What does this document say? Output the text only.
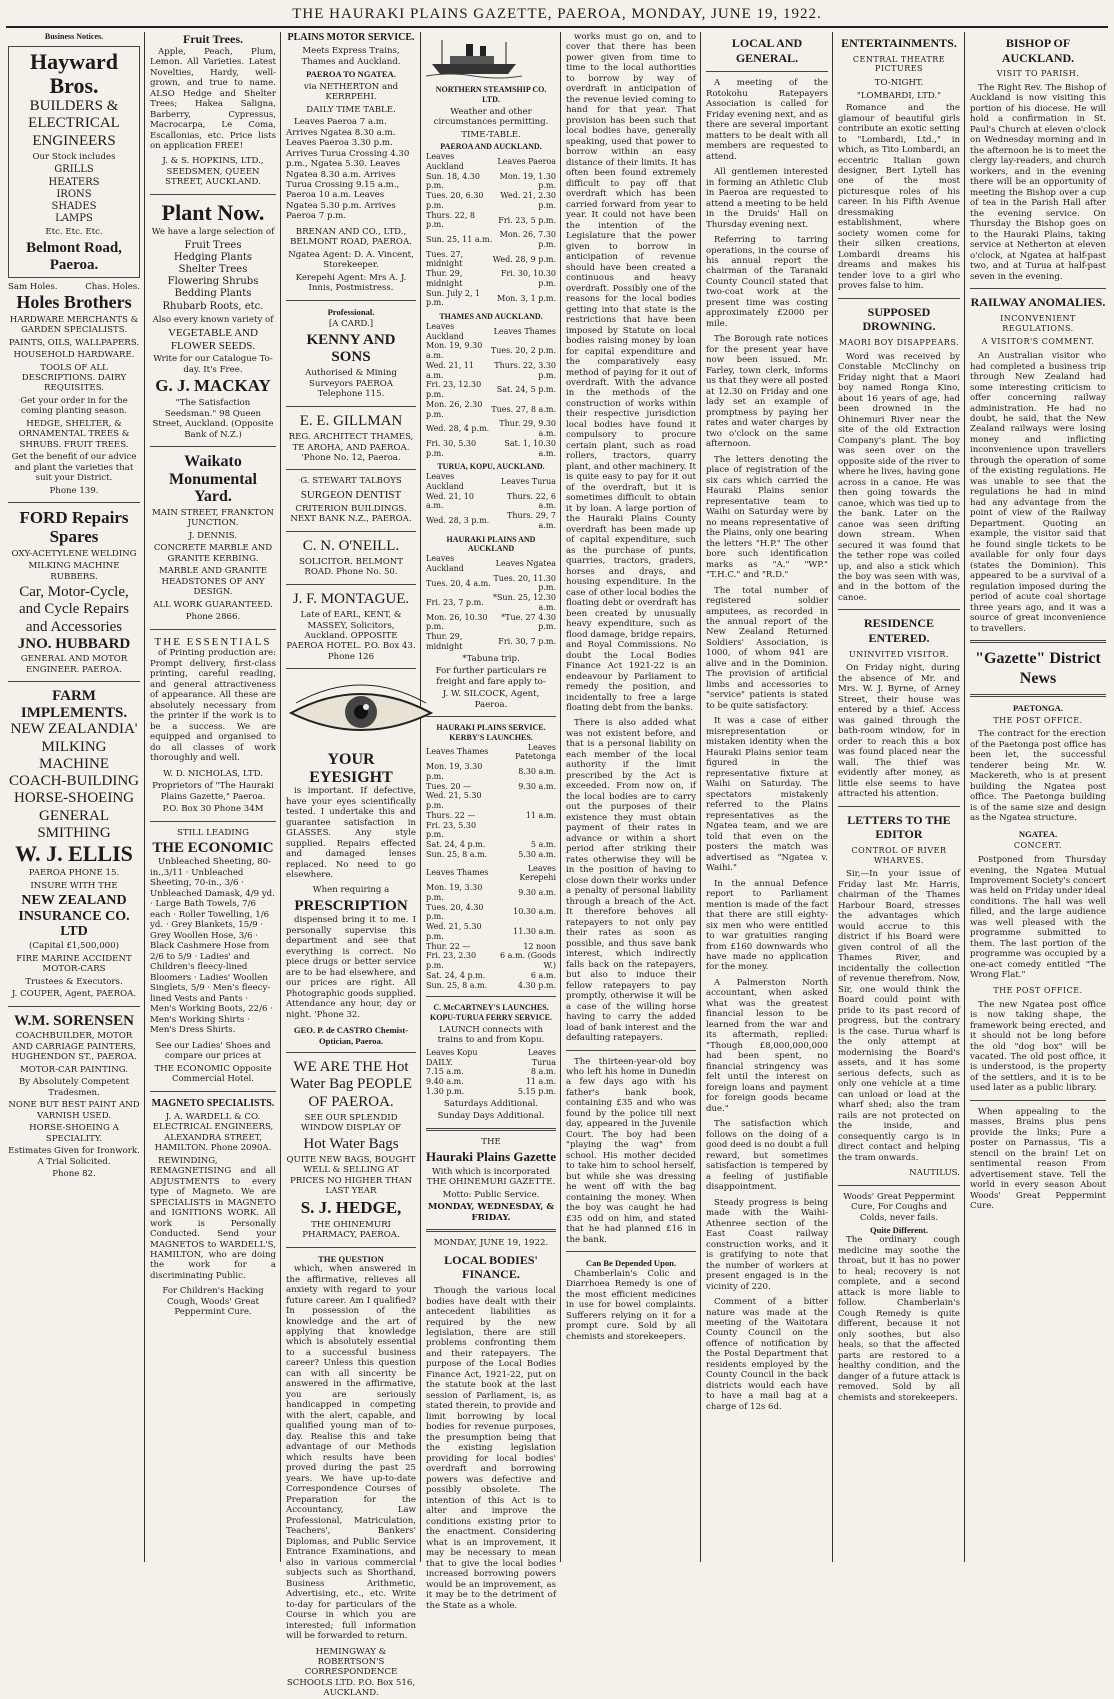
THE HAURAKI PLAINS GAZETTE, PAEROA, MONDAY, JUNE 19, 1922.
Business Notices.
Hayward Bros.
BUILDERS & ELECTRICAL ENGINEERS
Our Stock includes
GRILLS
HEATERS
IRONS
SHADES
LAMPS
Etc. Etc. Etc.
Belmont Road, Paeroa.
Sam Holes.	Chas. Holes.
Holes Brothers
HARDWARE MERCHANTS & GARDEN SPECIALISTS.
PAINTS, OILS, WALLPAPERS.
HOUSEHOLD HARDWARE.
TOOLS OF ALL DESCRIPTIONS. DAIRY REQUISITES.
Get your order in for the coming planting season.
HEDGE, SHELTER, & ORNAMENTAL TREES & SHRUBS. FRUIT TREES.
Get the benefit of our advice and plant the varieties that suit your District.
Phone 139.
FORD Repairs Spares
OXY-ACETYLENE WELDING
MILKING MACHINE RUBBERS.
Car, Motor-Cycle, and Cycle Repairs and Accessories
JNO. HUBBARD
GENERAL AND MOTOR ENGINEER. PAEROA.
FARM IMPLEMENTS.
NEW ZEALANDIA' MILKING MACHINE
COACH-BUILDING HORSE-SHOEING GENERAL SMITHING
W. J. ELLIS
PAEROA PHONE 15.
INSURE WITH THE
NEW ZEALAND INSURANCE CO. LTD
(Capital £1,500,000)
FIRE MARINE ACCIDENT MOTOR-CARS
Trustees & Executors.
J. COUPER, Agent, PAEROA.
W.M. SORENSEN
COACHBUILDER, MOTOR AND CARRIAGE PAINTERS, HUGHENDON ST., PAEROA.
MOTOR-CAR PAINTING.
By Absolutely Competent Tradesmen.
NONE BUT BEST PAINT AND VARNISH USED.
HORSE-SHOEING A SPECIALITY.
Estimates Given for Ironwork. A Trial Solicited.
Phone 82.
Fruit Trees.

Apple, Peach, Plum, Lemon. All Varieties. Latest Novelties, Hardy, well-grown, and true to name. ALSO Hedge and Shelter Trees; Hakea Saligna, Barberry, Cypressus, Macrocarpa, Le Coma, Escallonias, etc. Price lists on application FREE!

J. & S. HOPKINS, LTD., SEEDSMEN, QUEEN STREET, AUCKLAND.
Plant Now.
We have a large selection of
Fruit Trees
Hedging Plants
Shelter Trees
Flowering Shrubs
Bedding Plants
Rhubarb Roots, etc.
Also every known variety of
VEGETABLE AND FLOWER SEEDS.
Write for our Catalogue To-day. It's Free.
G. J. MACKAY
"The Satisfaction Seedsman." 98 Queen Street, Auckland. (Opposite Bank of N.Z.)
Waikato Monumental Yard.
MAIN STREET, FRANKTON JUNCTION.
J. DENNIS.
CONCRETE MARBLE AND GRANITE KERBING.
MARBLE AND GRANITE HEADSTONES OF ANY DESIGN.
ALL WORK GUARANTEED.
Phone 2866.
THE ESSENTIALS

of Printing production are: Prompt delivery, first-class printing, careful reading, and general attractiveness of appearance. All these are absolutely necessary from the printer if the work is to be a success. We are equipped and organised to do all classes of work thoroughly and well.

W. D. NICHOLAS, LTD.
Proprietors of "The Hauraki Plains Gazette," Paeroa.
P.O. Box 30 Phone 34M
STILL LEADING
THE ECONOMIC

Unbleached Sheeting, 80-in.,3/11 · Unbleached Sheeting, 70-in., 3/6 · Unbleached Damask, 4/9 yd. · Large Bath Towels, 7/6 each · Roller Towelling, 1/6 yd. · Grey Blankets, 15/9 · Grey Woollen Hose, 3/6 · Black Cashmere Hose from 2/6 to 5/9 · Ladies' and Children's fleecy-lined Bloomers · Ladies' Woollen Singlets, 5/9 · Men's fleecy-lined Vests and Pants · Men's Working Boots, 22/6 · Men's Working Shirts · Men's Dress Shirts.

See our Ladies' Shoes and compare our prices at
THE ECONOMIC Opposite Commercial Hotel.
MAGNETO SPECIALISTS.
J. A. WARDELL & CO. ELECTRICAL ENGINEERS, ALEXANDRA STREET, HAMILTON. Phone 2090A.

REWINDING, REMAGNETISING and all ADJUSTMENTS to every type of Magneto. We are SPECIALISTS in MAGNETO and IGNITIONS WORK. All work is Personally Conducted. Send your MAGNETOS to WARDELL'S, HAMILTON, who are doing the work for a discriminating Public.

For Children's Hacking Cough, Woods' Great Peppermint Cure.
PLAINS MOTOR SERVICE.
Meets Express Trains, Thames and Auckland.
PAEROA TO NGATEA.
via NETHERTON and KERRPEHI.
DAILY TIME TABLE.

Leaves Paeroa 7 a.m. Arrives Ngatea 8.30 a.m. Leaves Paeroa 3.30 p.m. Arrives Turua Crossing 4.30 p.m., Ngatea 5.30. Leaves Ngatea 8.30 a.m. Arrives Turua Crossing 9.15 a.m., Paeroa 10 a.m. Leaves Ngatea 5.30 p.m. Arrives Paeroa 7 p.m.

BRENAN AND CO., LTD., BELMONT ROAD, PAEROA.
Ngatea Agent: D. A. Vincent, Storekeeper.
Kerepehi Agent: Mrs A. J. Innis, Postmistress.
Professional.
[A CARD.]
KENNY AND SONS
Authorised & Mining Surveyors PAEROA Telephone 115.
E. E. GILLMAN
REG. ARCHITECT THAMES, TE AROHA, AND PAEROA. 'Phone No. 12, Paeroa.
G. STEWART TALBOYS
SURGEON DENTIST
CRITERION BUILDINGS. NEXT BANK N.Z., PAEROA.
C. N. O'NEILL.
SOLICITOR. BELMONT ROAD. Phone No. 50.
J. F. MONTAGUE.
Late of EARL, KENT, & MASSEY, Solicitors, Auckland. OPPOSITE PAEROA HOTEL. P.O. Box 43. Phone 126
YOUR EYESIGHT

is important. If defective, have your eyes scientifically tested. I undertake this and guarantee satisfaction in GLASSES. Any style supplied. Repairs effected and damaged lenses replaced. No need to go elsewhere.

When requiring a
PRESCRIPTION

dispensed bring it to me. I personally supervise this department and see that everything is correct. No piece drugs or better service are to be had elsewhere, and our prices are right. All Photographic goods supplied. Attendance any hour, day or night. 'Phone 32.

GEO. P. de CASTRO Chemist-Optician, Paeroa.
WE ARE THE Hot Water Bag PEOPLE OF PAEROA.
SEE OUR SPLENDID WINDOW DISPLAY OF
Hot Water Bags
QUITE NEW BAGS, BOUGHT WELL & SELLING AT PRICES NO HIGHER THAN LAST YEAR
S. J. HEDGE,
THE OHINEMURI PHARMACY, PAEROA.
THE QUESTION

which, when answered in the affirmative, relieves all anxiety with regard to your future career. Am I qualified? In possession of the knowledge and the art of applying that knowledge which is absolutely essential to a successful business career? Unless this question can with all sincerity be answered in the affirmative, you are seriously handicapped in competing with the alert, capable, and qualified young man of to-day. Realise this and take advantage of our Methods which results have been proved during the past 25 years. We have up-to-date Correspondence Courses of Preparation for the Accountancy, Law Professional, Matriculation, Teachers', Bankers' Diplomas, and Public Service Entrance Examinations, and also in various commercial subjects such as Shorthand, Business Arithmetic, Advertising, etc., etc. Write to-day for particulars of the Course in which you are interested; full information will be forwarded to return.

HEMINGWAY & ROBERTSON'S CORRESPONDENCE SCHOOLS LTD. P.O. Box 516, AUCKLAND.
NORTHERN STEAMSHIP CO. LTD.
Weather and other circumstances permitting.
TIME-TABLE.
PAEROA AND AUCKLAND.
Leaves Auckland	Leaves Paeroa
Sun. 18, 4.30 p.m.	Mon. 19, 1.30 p.m.
Tues. 20, 6.30 p.m.	Wed. 21, 2.30 p.m.
Thurs. 22, 8 p.m.	Fri. 23, 5 p.m.
Sun. 25, 11 a.m.	Mon. 26, 7.30 p.m.
Tues. 27, midnight	Wed. 28, 9 p.m.
Thur. 29, midnight	Fri. 30, 10.30 p.m.
Sun. July 2, 1 p.m.	Mon. 3, 1 p.m.
THAMES AND AUCKLAND.
Leaves Auckland	Leaves Thames
Mon. 19, 9.30 a.m.	Tues. 20, 2 p.m.
Wed. 21, 11 a.m.	Thurs. 22, 3.30 p.m.
Fri. 23, 12.30 p.m.	Sat. 24, 5 p.m.
Mon. 26, 2.30 p.m.	Tues. 27, 8 a.m.
Wed. 28, 4 p.m.	Thur. 29, 9.30 a.m.
Fri. 30, 5.30 p.m.	Sat. 1, 10.30 a.m.
TURUA, KOPU, AUCKLAND.
Leaves Auckland	Leaves Turua
Wed. 21, 10 a.m.	Thurs. 22, 6 a.m.
Wed. 28, 3 p.m.	Thurs. 29, 7 a.m.
HAURAKI PLAINS AND AUCKLAND
Leaves Auckland	Leaves Ngatea
Tues. 20, 4 a.m.	Tues. 20, 11.30 p.m.
Fri. 23, 7 p.m.	*Sun. 25, 12.30 a.m.
Mon. 26, 10.30 p.m.	*Tue. 27 4.30 p.m.
Thur. 29, midnight	Fri. 30, 7 p.m.
*Tabuna trip.
For further particulars re freight and fare apply to-
J. W. SILCOCK, Agent, Paeroa.
HAURAKI PLAINS SERVICE.
KERBY'S LAUNCHES.
Leaves Thames	Leaves Patetonga
Mon. 19, 3.30 p.m.	8.30 a.m.
Tues. 20 —	9.30 a.m.
Wed. 21, 5.30 p.m.	
Thurs. 22 —	11 a.m.
Fri. 23, 5.30 p.m.	
Sat. 24, 4 p.m.	5 a.m.
Sun. 25, 8 a.m.	5.30 a.m.
Leaves Thames	Leaves Kerepehi
Mon. 19, 3.30 p.m.	9.30 a.m.
Tues. 20, 4.30 p.m.	10.30 a.m.
Wed. 21, 5.30 p.m.	11.30 a.m.
Thur. 22 —	12 noon
Fri. 23, 2.30 p.m.	6 a.m. (Goods W.)
Sat. 24, 4 p.m.	6 a.m.
Sun. 25, 8 a.m.	4.30 p.m.
C. McCARTNEY'S LAUNCHES.
KOPU-TURUA FERRY SERVICE.
LAUNCH connects with trains to and from Kopu.
Leaves Kopu DAILY.	Leaves Turua
7.15 a.m.	8 a.m.
9.40 a.m.	11 a.m.
1.30 p.m.	5.15 p.m.
Saturdays Additional.
Sunday Days Additional.
THE
Hauraki Plains Gazette
With which is incorporated THE OHINEMURI GAZETTE.
Motto: Public Service.
MONDAY, WEDNESDAY, & FRIDAY.
MONDAY, JUNE 19, 1922.
LOCAL BODIES' FINANCE.

Though the various local bodies have dealt with their antecedent liabilities as required by the new legislation, there are still problems confronting them and their ratepayers. The purpose of the Local Bodies Finance Act, 1921-22, put on the statute book at the last session of Parliament, is, as stated therein, to provide and limit borrowing by local bodies for revenue purposes, the presumption being that the existing legislation providing for local bodies' overdraft and borrowing powers was defective and possibly obsolete. The intention of this Act is to alter and improve the conditions existing prior to the enactment. Considering what is an improvement, it may be necessary to mean that to give the local bodies increased borrowing powers would be an improvement, as it may be to the detriment of the State as a whole.

works must go on, and to cover that there has been power given from time to time to the local authorities to borrow by way of overdraft in anticipation of the revenue levied coming to hand for that year. That provision has been such that local bodies have, generally speaking, used that power to borrow within an easy distance of their limits. It has often been found extremely difficult to pay off that overdraft which has been carried forward from year to year. It could not have been the intention of the Legislature that the power given to borrow in anticipation of revenue should have been created a continuous and heavy overdraft. Possibly one of the reasons for the local bodies getting into that state is the restrictions that have been imposed by Statute on local bodies raising money by loan for capital expenditure and the comparatively easy method of paying for it out of overdraft. With the advance in the methods of the construction of works within their respective jurisdiction local bodies have found it compulsory to procure certain plant, such as road rollers, tractors, quarry plant, and other machinery. It is quite easy to pay for it out of the overdraft, but it is sometimes difficult to obtain it by loan. A large portion of the Hauraki Plains County overdraft has been made up of capital expenditure, such as the purchase of punts, quarries, tractors, graders, horses and drays, and housing expenditure. In the case of other local bodies the floating debt or overdraft has been created by unusually heavy expenditure, such as flood damage, bridge repairs, and Royal Commissions. No doubt the Local Bodies Finance Act 1921-22 is an endeavour by Parliament to remedy the position, and incidentally to free a large floating debt from the banks.

There is also added what was not existent before, and that is a personal liability on each member of the local authority if the limit prescribed by the Act is exceeded. From now on, if the local bodies are to carry out the purposes of their existence they must obtain payment of their rates in advance or within a short period after striking their rates otherwise they will be in the position of having to close down their works under a penalty of personal liability through a breach of the Act. It therefore behoves all ratepayers to not only pay their rates as soon as possible, and thus save bank interest, which indirectly falls back on the ratepayers, but also to induce their fellow ratepayers to pay promptly, otherwise it will be a case of the willing horse having to carry the added load of bank interest and the defaulting ratepayers.

The thirteen-year-old boy who left his home in Dunedin a few days ago with his father's bank book, containing £35 and who was found by the police till next day, appeared in the Juvenile Court. The boy had been "playing the wag" from school. His mother decided to take him to school herself, but while she was dressing he went off with the bag containing the money. When the boy was caught he had £35 odd on him, and stated that he had planned £16 in the bank.

Can Be Depended Upon.

Chamberlain's Colic and Diarrhoea Remedy is one of the most efficient medicines in use for bowel complaints. Sufferers relying on it for a prompt cure. Sold by all chemists and storekeepers.

LOCAL AND GENERAL.

A meeting of the Rotokohu Ratepayers Association is called for Friday evening next, and as there are several important matters to be dealt with all members are requested to attend.

All gentlemen interested in forming an Athletic Club in Paeroa are requested to attend a meeting to be held in the Druids' Hall on Thursday evening next.

Referring to tarring operations, in the course of his annual report the chairman of the Taranaki County Council stated that two-coat work at the present time was costing approximately £2000 per mile.

The Borough rate notices for the present year have now been issued. Mr. Farley, town clerk, informs us that they were all posted at 12.30 on Friday and one lady set an example of promptness by paying her rates and water charges by two o'clock on the same afternoon.

The letters denoting the place of registration of the six cars which carried the Hauraki Plains senior representative team to Waihi on Saturday were by no means representative of the Plains, only one bearing the letters "H.P." The other bore such identification marks as "A." "WP." "T.H.C." and "R.D."

The total number of registered soldier amputees, as recorded in the annual report of the New Zealand Returned Soldiers' Association, is 1000, of whom 941 are alive and in the Dominion. The provision of artificial limbs and accessories to "service" patients is stated to be quite satisfactory.

It was a case of either misrepresentation or mistaken identity when the Hauraki Plains senior team figured in the representative fixture at Waihi on Saturday. The spectators mistakenly referred to the Plains representatives as the Ngatea team, and we are told that even on the posters the match was advertised as "Ngatea v. Waihi."

In the annual Defence report to Parliament mention is made of the fact that there are still eighty-six men who were entitled to war gratuities ranging from £160 downwards who have made no application for the money.

A Palmerston North accountant, when asked what was the greatest financial lesson to be learned from the war and its aftermath, replied: "Though £8,000,000,000 had been spent, no financial stringency was felt until the interest on foreign loans and payment for foreign goods became due."

The satisfaction which follows on the doing of a good deed is no doubt a full reward, but sometimes satisfaction is tempered by a feeling of justifiable disappointment.

Steady progress is being made with the Waihi-Athenree section of the East Coast railway construction works, and it is gratifying to note that the number of workers at present engaged is in the vicinity of 220.

Comment of a bitter nature was made at the meeting of the Waitotara County Council on the offence of notification by the Postal Department that residents employed by the County Council in the back districts would each have to have a mail bag at a charge of 12s 6d.

ENTERTAINMENTS.
CENTRAL THEATRE PICTURES
TO-NIGHT.
"LOMBARDI, LTD."

Romance and the glamour of beautiful girls contribute an exotic setting to "Lombardi, Ltd.," in which, as Tito Lombardi, an eccentric Italian gown designer, Bert Lytell has one of the most picturesque roles of his career. In his Fifth Avenue dressmaking establishment, where society women come for their silken creations, Lombardi dreams his dreams and makes his tender love to a girl who proves false to him.

SUPPOSED DROWNING.
MAORI BOY DISAPPEARS.

Word was received by Constable McClinchy on Friday night that a Maori boy named Ronga Kino, about 16 years of age, had been drowned in the Ohinemuri River near the site of the old Extraction Company's plant. The boy was seen over on the opposite side of the river to where he lives, having gone across in a canoe. He was then going towards the canoe, which was tied up to the bank. Later on the canoe was seen drifting down stream. When secured it was found that the tether rope was coiled up, and also a stick which the boy was seen with was, and in the bottom of the canoe.

RESIDENCE ENTERED.
UNINVITED VISITOR.

On Friday night, during the absence of Mr. and Mrs. W. J. Byrne, of Arney Street, their house was entered by a thief. Access was gained through the bath-room window, for in order to reach this a box was found placed near the wall. The thief was evidently after money, as little else seems to have attracted his attention.

LETTERS TO THE EDITOR
CONTROL OF RIVER WHARVES.

Sir,—In your issue of Friday last Mr. Harris, chairman of the Thames Harbour Board, stresses the advantages which would accrue to this district if his Board were given control of all the Thames River, and incidentally the collection of revenue therefrom. Now, Sir, one would think the Board could point with pride to its past record of progress, but the contrary is the case. Turua wharf is the only attempt at modernising the Board's assets, and it has some serious defects, such as only one vehicle at a time can unload or load at the wharf shed; also the tram rails are not protected on the inside, and consequently cargo is in direct contact and helping the tram onwards.

NAUTILUS.
Woods' Great Peppermint Cure, For Coughs and Colds, never fails.
Quite Different.

The ordinary cough medicine may soothe the throat, but it has no power to heal; recovery is not complete, and a second attack is more liable to follow. Chamberlain's Cough Remedy is quite different, because it not only soothes, but also heals, so that the affected parts are restored to a healthy condition, and the danger of a future attack is removed. Sold by all chemists and storekeepers.

BISHOP OF AUCKLAND.
VISIT TO PARISH.

The Right Rev. The Bishop of Auckland is now visiting this portion of his diocese. He will hold a confirmation in St. Paul's Church at eleven o'clock on Wednesday morning and in the afternoon he is to meet the clergy lay-readers, and church workers, and in the evening there will be an opportunity of meeting the Bishop over a cup of tea in the Parish Hall after the evening service. On Thursday the Bishop goes on to the Hauraki Plains, taking service at Netherton at eleven o'clock, at Ngatea at half-past two, and at Turua at half-past seven in the evening.

RAILWAY ANOMALIES.
INCONVENIENT REGULATIONS.
A VISITOR'S COMMENT.

An Australian visitor who had completed a business trip through New Zealand had some interesting criticism to offer concerning railway administration. He had no doubt, he said, that the New Zealand railways were losing money and inflicting inconvenience upon travellers through the operation of some of the existing regulations. He was unable to see that the regulations he had in mind had any advantage from the point of view of the Railway Department. Quoting an example, the visitor said that he found single tickets to be available for only four days (states the Dominion). This appeared to be a survival of a regulation imposed during the period of acute coal shortage three years ago, and it was a source of great inconvenience to travellers.

"Gazette" District News
PAETONGA.
THE POST OFFICE.

The contract for the erection of the Paetonga post office has been let, the successful tenderer being Mr. W. Mackereth, who is at present building the Ngatea post office. The Paetonga building is of the same size and design as the Ngatea structure.

NGATEA.
CONCERT.

Postponed from Thursday evening, the Ngatea Mutual Improvement Society's concert was held on Friday under ideal conditions. The hall was well filled, and the large audience was well pleased with the programme submitted to them. The last portion of the programme was occupied by a one-act comedy entitled "The Wrong Flat."

THE POST OFFICE.

The new Ngatea post office is now taking shape, the framework being erected, and it should not be long before the old "dog box" will be vacated. The old post office, it is understood, is the property of the settlers, and it is to be used later as a public library.

When appealing to the masses, Brains plus pens provide the links; Pure a poster on Parnassus, 'Tis a stencil on the brain! Let on sentimental reason From advertisement stave. Tell the world in every season About Woods' Great Peppermint Cure.
